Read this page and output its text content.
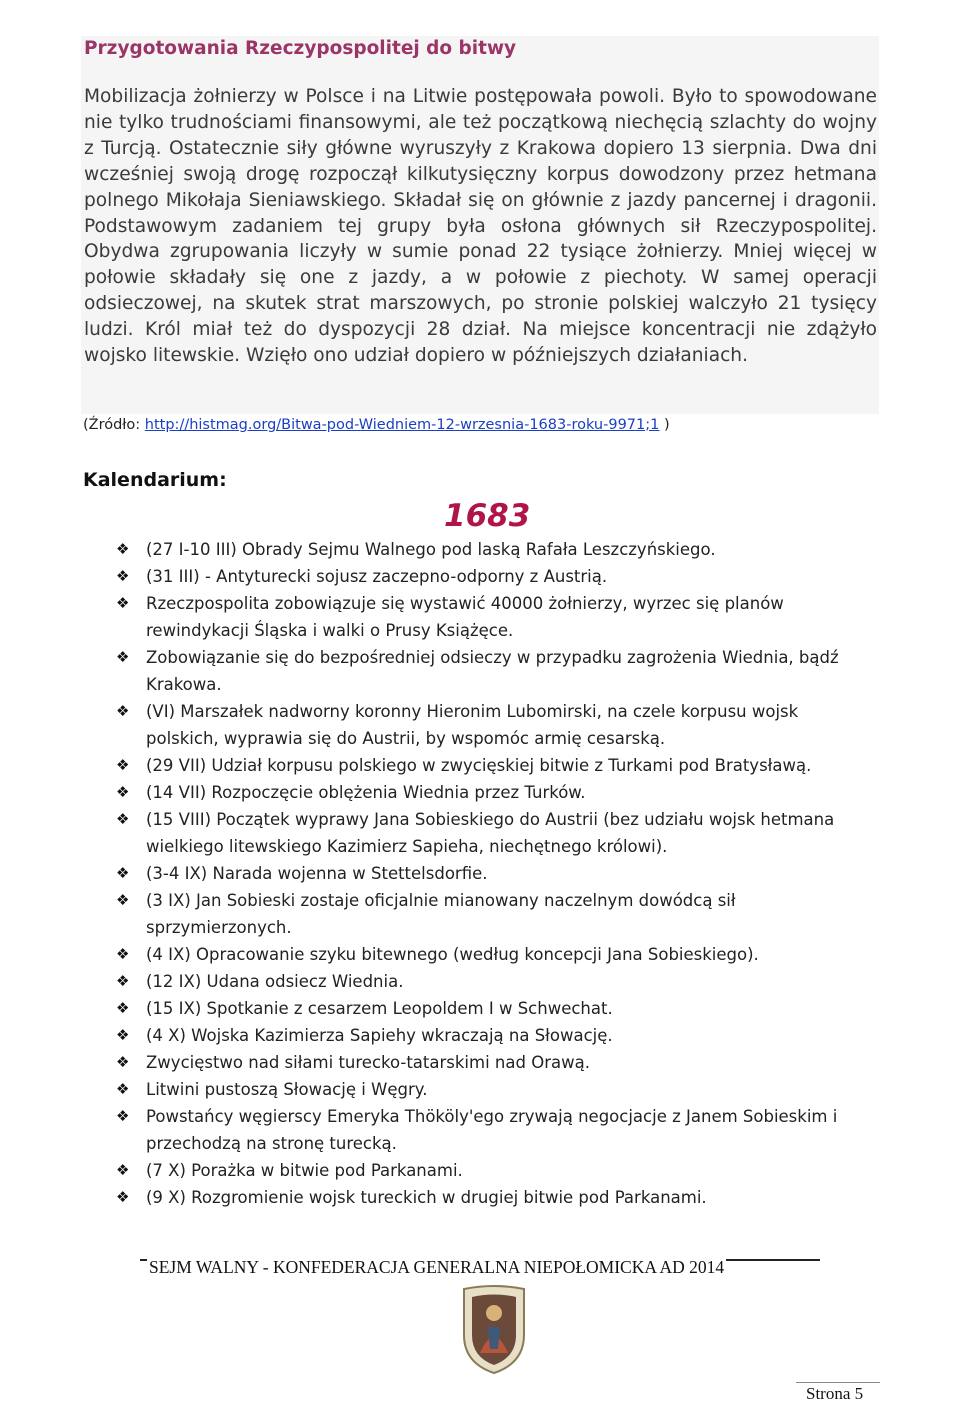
Przygotowania Rzeczypospolitej do bitwy

Mobilizacja żołnierzy w Polsce i na Litwie postępowała powoli. Było to spowodowane nie tylko trudnościami finansowymi, ale też początkową niechęcią szlachty do wojny z Turcją. Ostatecznie siły główne wyruszyły z Krakowa dopiero 13 sierpnia. Dwa dni wcześniej swoją drogę rozpoczął kilkutysięczny korpus dowodzony przez hetmana polnego Mikołaja Sieniawskiego. Składał się on głównie z jazdy pancernej i dragonii. Podstawowym zadaniem tej grupy była osłona głównych sił Rzeczypospolitej. Obydwa zgrupowania liczyły w sumie ponad 22 tysiące żołnierzy. Mniej więcej w połowie składały się one z jazdy, a w połowie z piechoty. W samej operacji odsieczowej, na skutek strat marszowych, po stronie polskiej walczyło 21 tysięcy ludzi. Król miał też do dyspozycji 28 dział. Na miejsce koncentracji nie zdążyło wojsko litewskie. Wzięło ono udział dopiero w późniejszych działaniach.

(Źródło: http://histmag.org/Bitwa-pod-Wiedniem-12-wrzesnia-1683-roku-9971;1 )
Kalendarium:
1683
❖ (27 I-10 III) Obrady Sejmu Walnego pod laską Rafała Leszczyńskiego.
❖ (31 III) - Antyturecki sojusz zaczepno-odporny z Austrią.
❖ Rzeczpospolita zobowiązuje się wystawić 40000 żołnierzy, wyrzec się planów rewindykacji Śląska i walki o Prusy Książęce.
❖ Zobowiązanie się do bezpośredniej odsieczy w przypadku zagrożenia Wiednia, bądź Krakowa.
❖ (VI) Marszałek nadworny koronny Hieronim Lubomirski, na czele korpusu wojsk polskich, wyprawia się do Austrii, by wspomóc armię cesarską.
❖ (29 VII) Udział korpusu polskiego w zwycięskiej bitwie z Turkami pod Bratysławą.
❖ (14 VII) Rozpoczęcie oblężenia Wiednia przez Turków.
❖ (15 VIII) Początek wyprawy Jana Sobieskiego do Austrii (bez udziału wojsk hetmana wielkiego litewskiego Kazimierz Sapieha, niechętnego królowi).
❖ (3-4 IX) Narada wojenna w Stettelsdorfie.
❖ (3 IX) Jan Sobieski zostaje oficjalnie mianowany naczelnym dowódcą sił sprzymierzonych.
❖ (4 IX) Opracowanie szyku bitewnego (według koncepcji Jana Sobieskiego).
❖ (12 IX) Udana odsiecz Wiednia.
❖ (15 IX) Spotkanie z cesarzem Leopoldem I w Schwechat.
❖ (4 X) Wojska Kazimierza Sapiehy wkraczają na Słowację.
❖ Zwycięstwo nad siłami turecko-tatarskimi nad Orawą.
❖ Litwini pustoszą Słowację i Węgry.
❖ Powstańcy węgierscy Emeryka Thököly'ego zrywają negocjacje z Janem Sobieskim i przechodzą na stronę turecką.
❖ (7 X) Porażka w bitwie pod Parkanami.
❖ (9 X) Rozgromienie wojsk tureckich w drugiej bitwie pod Parkanami.
SEJM WALNY - KONFEDERACJA GENERALNA NIEPOŁOMICKA AD 2014
Strona 5
